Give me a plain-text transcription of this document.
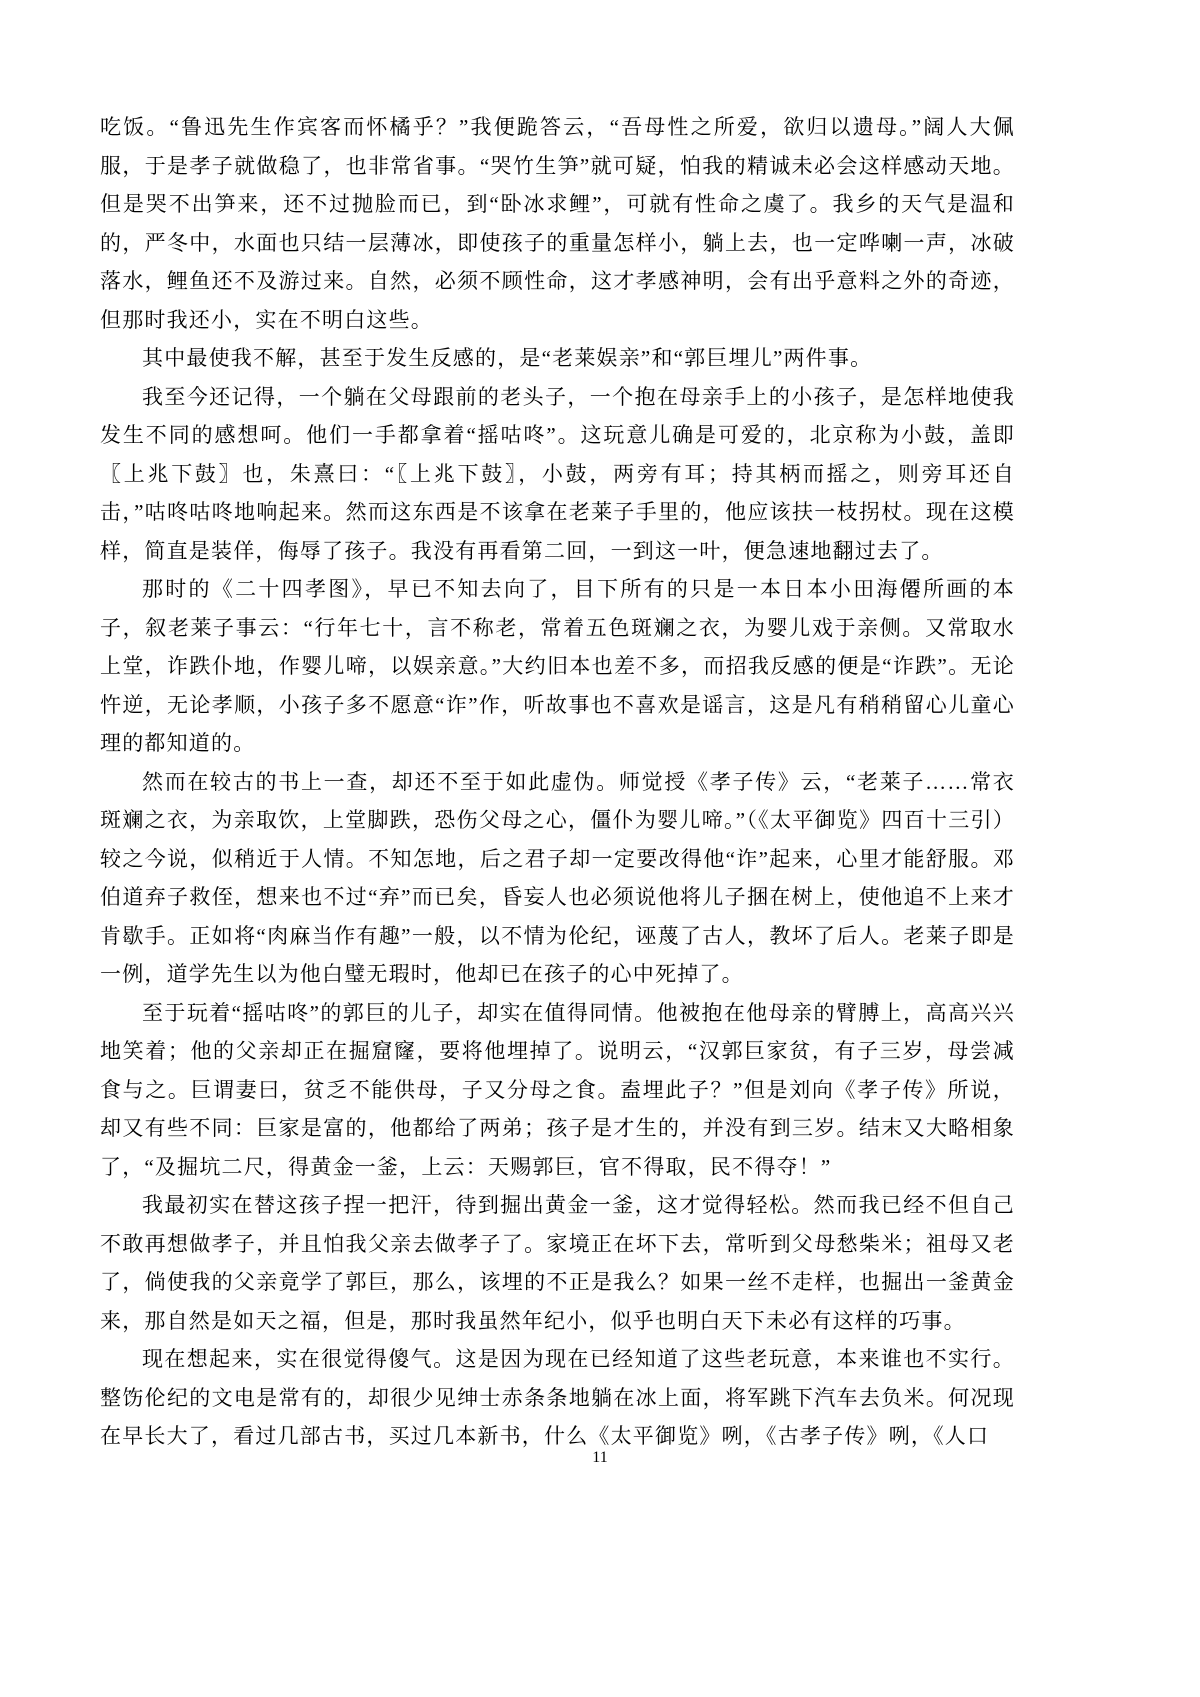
吃饭。“鲁迅先生作宾客而怀橘乎？”我便跪答云，“吾母性之所爱，欲归以遗母。”阔人大佩服，于是孝子就做稳了，也非常省事。“哭竹生笋”就可疑，怕我的精诚未必会这样感动天地。但是哭不出笋来，还不过抛脸而已，到“卧冰求鲤”，可就有性命之虞了。我乡的天气是温和的，严冬中，水面也只结一层薄冰，即使孩子的重量怎样小，躺上去，也一定哗喇一声，冰破落水，鲤鱼还不及游过来。自然，必须不顾性命，这才孝感神明，会有出乎意料之外的奇迹，但那时我还小，实在不明白这些。

其中最使我不解，甚至于发生反感的，是“老莱娱亲”和“郭巨埋儿”两件事。

我至今还记得，一个躺在父母跟前的老头子，一个抱在母亲手上的小孩子，是怎样地使我发生不同的感想呵。他们一手都拿着“摇咕咚”。这玩意儿确是可爱的，北京称为小鼓，盖即〖上兆下鼓〗也，朱熹曰：“〖上兆下鼓〗，小鼓，两旁有耳；持其柄而摇之，则旁耳还自击，”咕咚咕咚地响起来。然而这东西是不该拿在老莱子手里的，他应该扶一枝拐杖。现在这模样，简直是装佯，侮辱了孩子。我没有再看第二回，一到这一叶，便急速地翻过去了。

那时的《二十四孝图》，早已不知去向了，目下所有的只是一本日本小田海僊所画的本子，叙老莱子事云：“行年七十，言不称老，常着五色斑斓之衣，为婴儿戏于亲侧。又常取水上堂，诈跌仆地，作婴儿啼，以娱亲意。”大约旧本也差不多，而招我反感的便是“诈跌”。无论忤逆，无论孝顺，小孩子多不愿意“诈”作，听故事也不喜欢是谣言，这是凡有稍稍留心儿童心理的都知道的。

然而在较古的书上一查，却还不至于如此虚伪。师觉授《孝子传》云，“老莱子……常衣斑斓之衣，为亲取饮，上堂脚跌，恐伤父母之心，僵仆为婴儿啼。”（《太平御览》四百十三引）较之今说，似稍近于人情。不知怎地，后之君子却一定要改得他“诈”起来，心里才能舒服。邓伯道弃子救侄，想来也不过“弃”而已矣，昏妄人也必须说他将儿子捆在树上，使他追不上来才肯歇手。正如将“肉麻当作有趣”一般，以不情为伦纪，诬蔑了古人，教坏了后人。老莱子即是一例，道学先生以为他白璧无瑕时，他却已在孩子的心中死掉了。

至于玩着“摇咕咚”的郭巨的儿子，却实在值得同情。他被抱在他母亲的臂膊上，高高兴兴地笑着；他的父亲却正在掘窟窿，要将他埋掉了。说明云，“汉郭巨家贫，有子三岁，母尝减食与之。巨谓妻曰，贫乏不能供母，子又分母之食。盍埋此子？”但是刘向《孝子传》所说，却又有些不同：巨家是富的，他都给了两弟；孩子是才生的，并没有到三岁。结末又大略相象了，“及掘坑二尺，得黄金一釜，上云：天赐郭巨，官不得取，民不得夺！”

我最初实在替这孩子捏一把汗，待到掘出黄金一釜，这才觉得轻松。然而我已经不但自己不敢再想做孝子，并且怕我父亲去做孝子了。家境正在坏下去，常听到父母愁柴米；祖母又老了，倘使我的父亲竟学了郭巨，那么，该埋的不正是我么？如果一丝不走样，也掘出一釜黄金来，那自然是如天之福，但是，那时我虽然年纪小，似乎也明白天下未必有这样的巧事。

现在想起来，实在很觉得傻气。这是因为现在已经知道了这些老玩意，本来谁也不实行。整饬伦纪的文电是常有的，却很少见绅士赤条条地躺在冰上面，将军跳下汽车去负米。何况现在早长大了，看过几部古书，买过几本新书，什么《太平御览》咧，《古孝子传》咧，《人口

11
